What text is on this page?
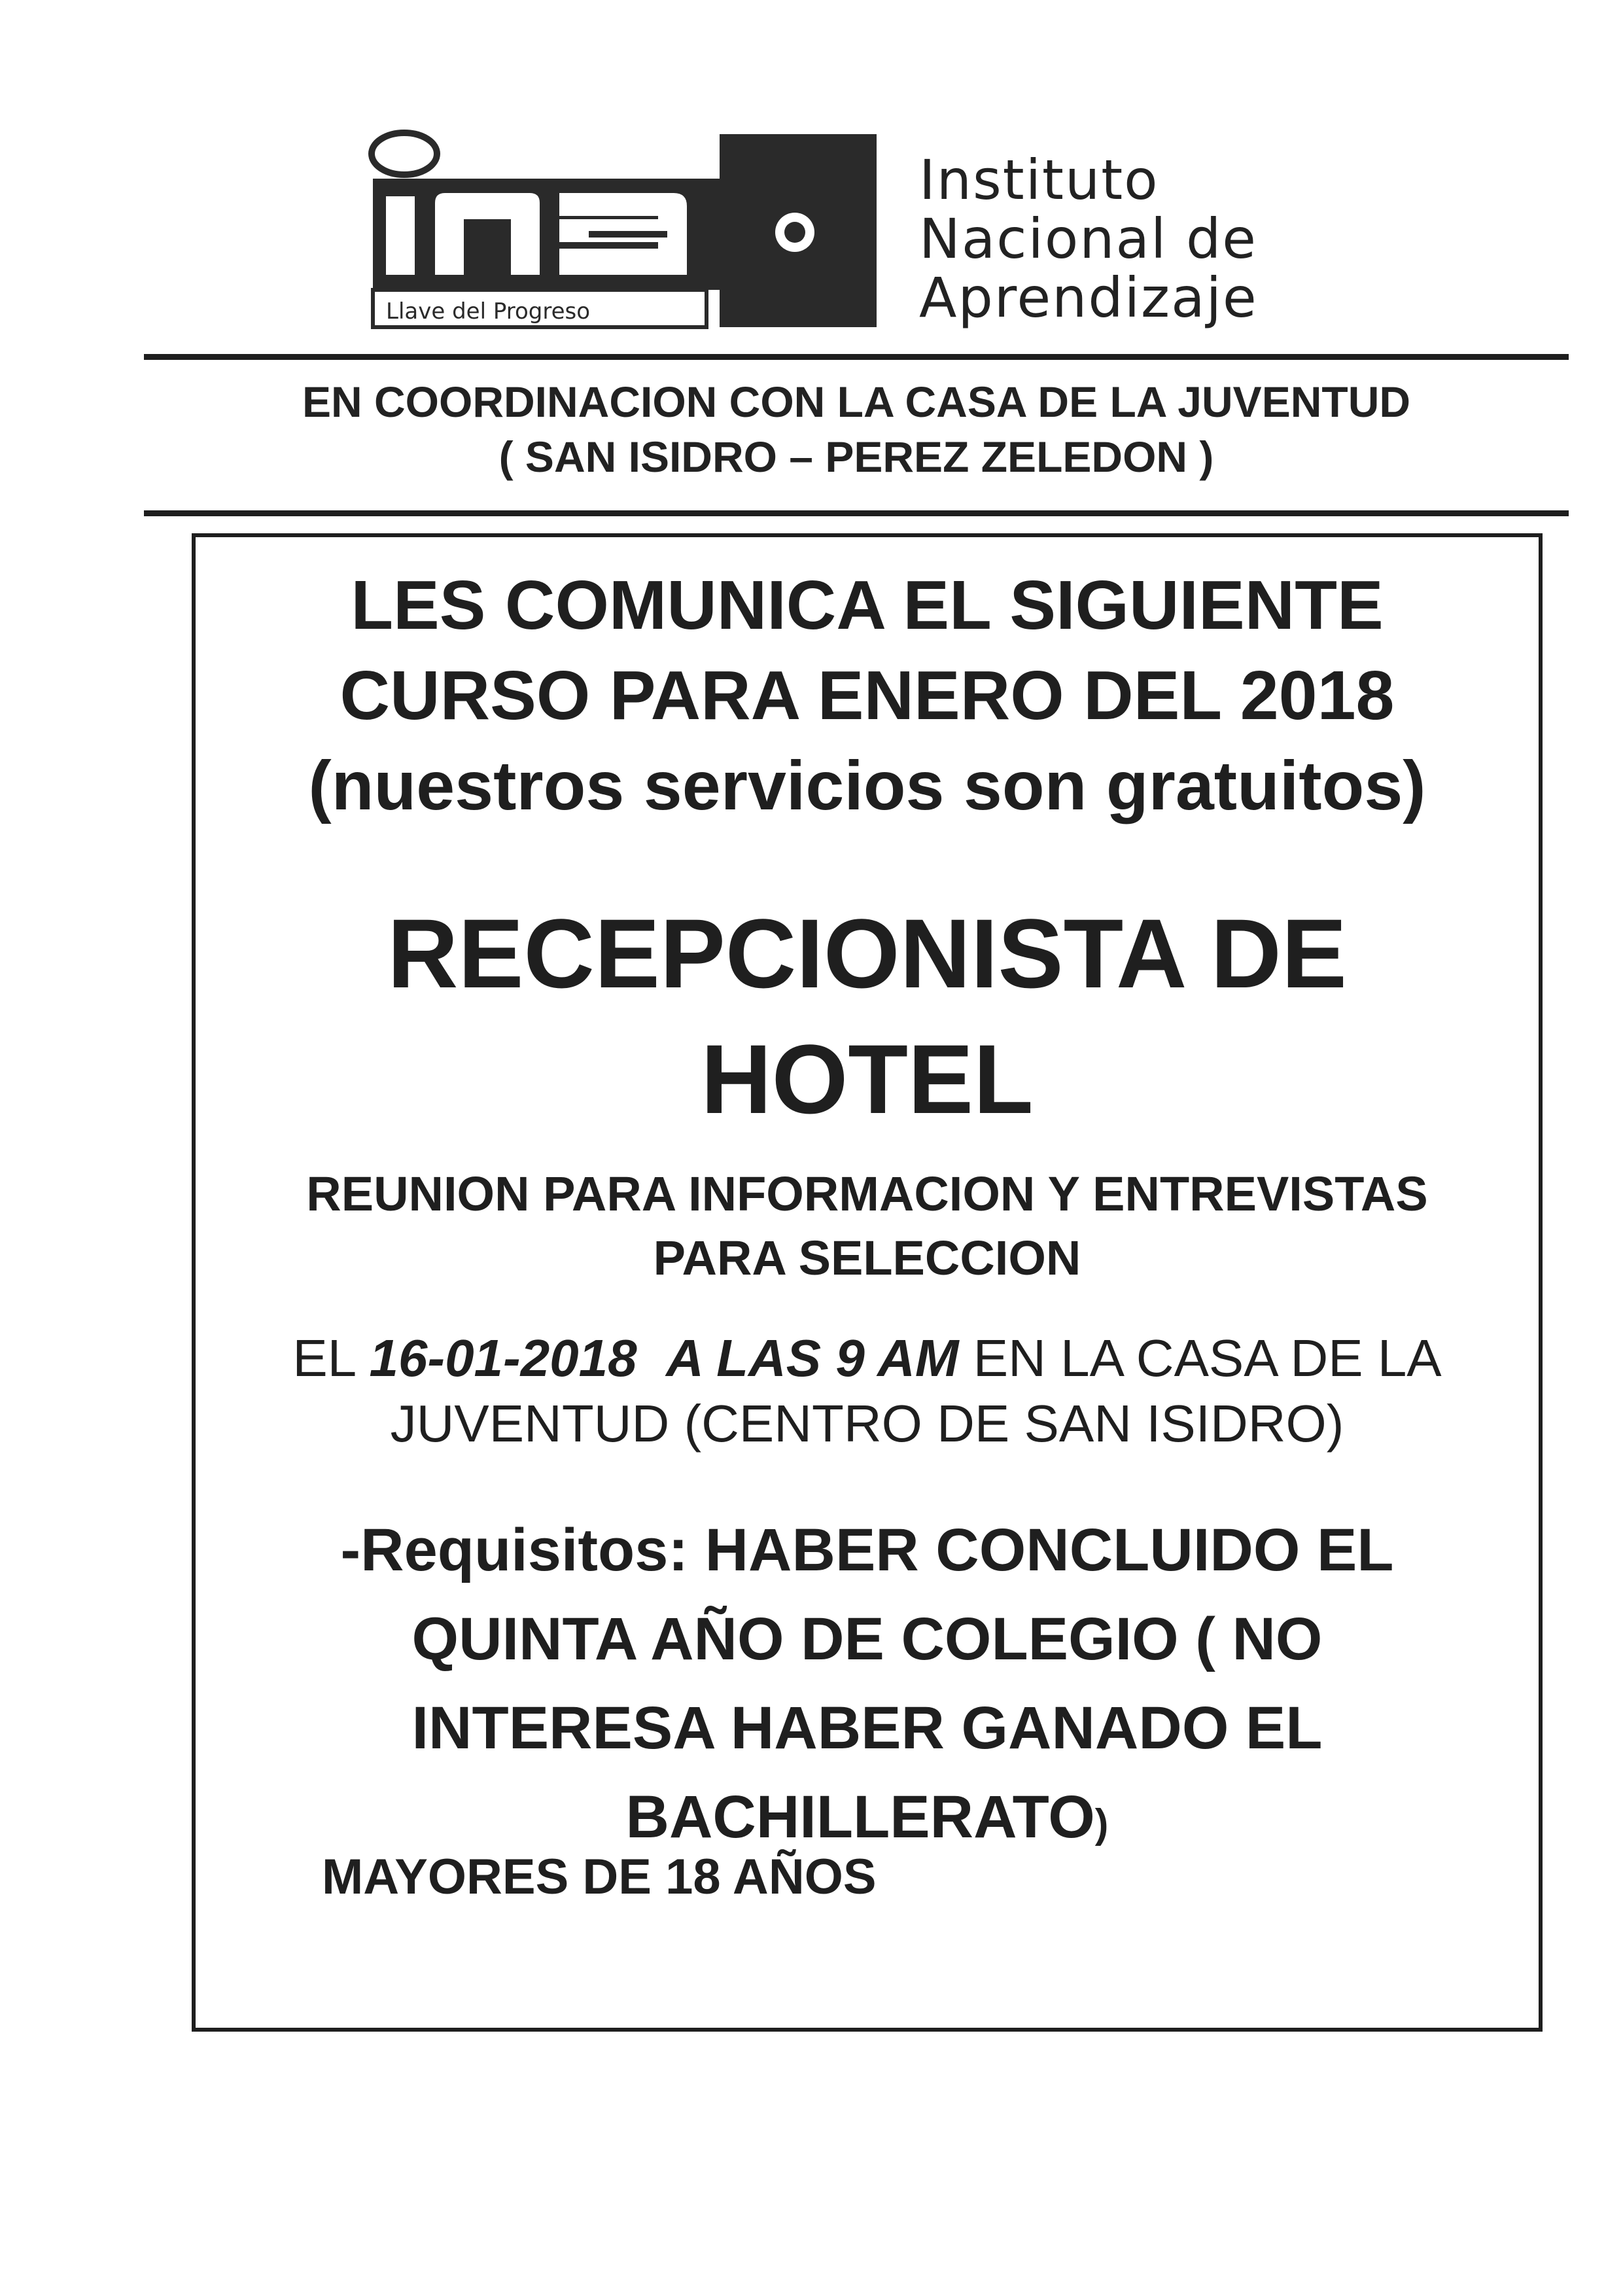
Llave del Progreso
Instituto
Nacional de
Aprendizaje
EN COORDINACION CON LA CASA DE LA JUVENTUD
( SAN ISIDRO – PEREZ ZELEDON )
LES COMUNICA EL SIGUIENTE
CURSO PARA ENERO DEL 2018
(nuestros servicios son gratuitos)
RECEPCIONISTA DE
HOTEL
REUNION PARA INFORMACION Y ENTREVISTAS
PARA SELECCION
EL 16-01-2018 A LAS 9 AM EN LA CASA DE LA
JUVENTUD (CENTRO DE SAN ISIDRO)
-Requisitos: HABER CONCLUIDO EL
QUINTA AÑO DE COLEGIO ( NO
INTERESA HABER GANADO EL
BACHILLERATO)
MAYORES DE 18 AÑOS
